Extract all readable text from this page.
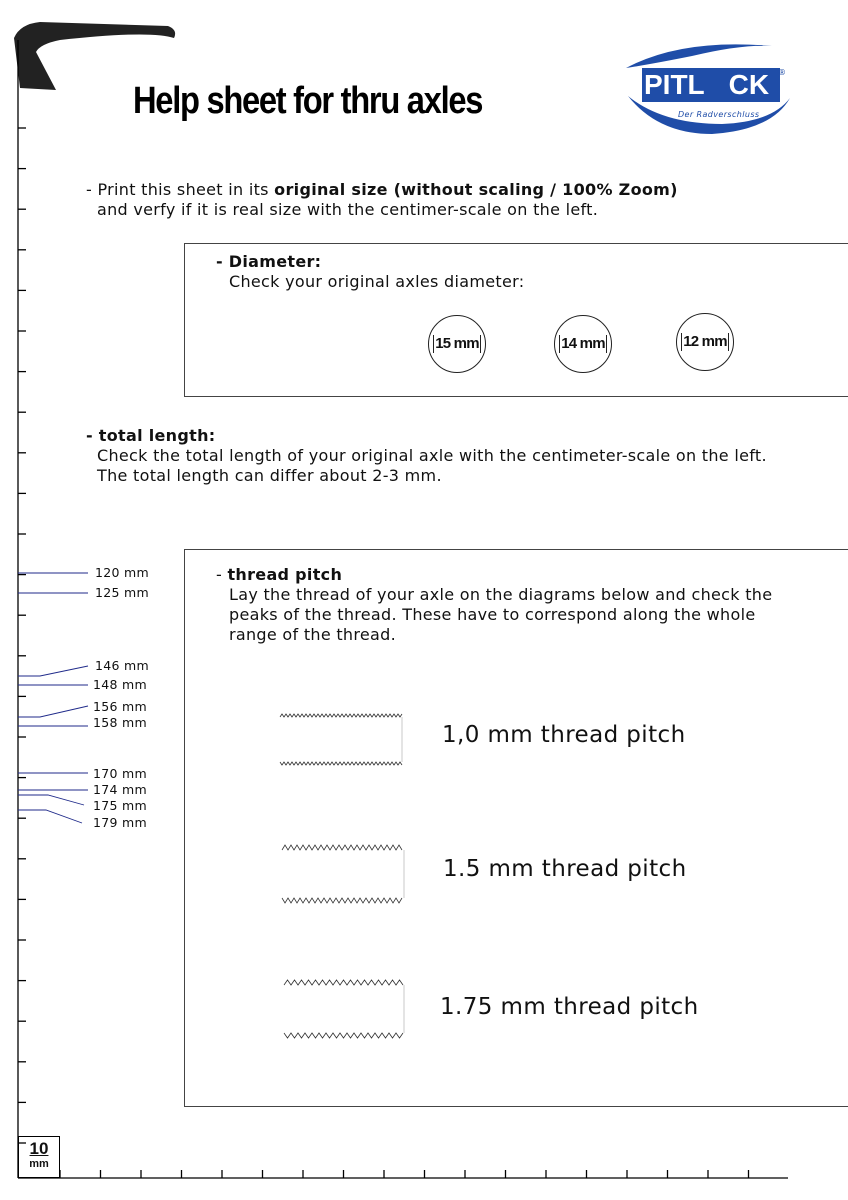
PITL CK ®
Der Radverschluss
Help sheet for thru axles
- Print this sheet in its original size (without scaling / 100% Zoom)
and verfy if it is real size with the centimer-scale on the left.
- Diameter:
Check your original axles diameter:
15 mm	14 mm	12 mm
- total length:
Check the total length of your original axle with the centimeter-scale on the left.
The total length can differ about 2-3 mm.
- thread pitch
Lay the thread of your axle on the diagrams below and check the
peaks of the thread. These have to correspond along the whole
range of the thread.
1,0 mm thread pitch
1.5 mm thread pitch
1.75 mm thread pitch
120 mm
125 mm
146 mm
148 mm
156 mm
158 mm
170 mm
174 mm
175 mm
179 mm
10
mm
